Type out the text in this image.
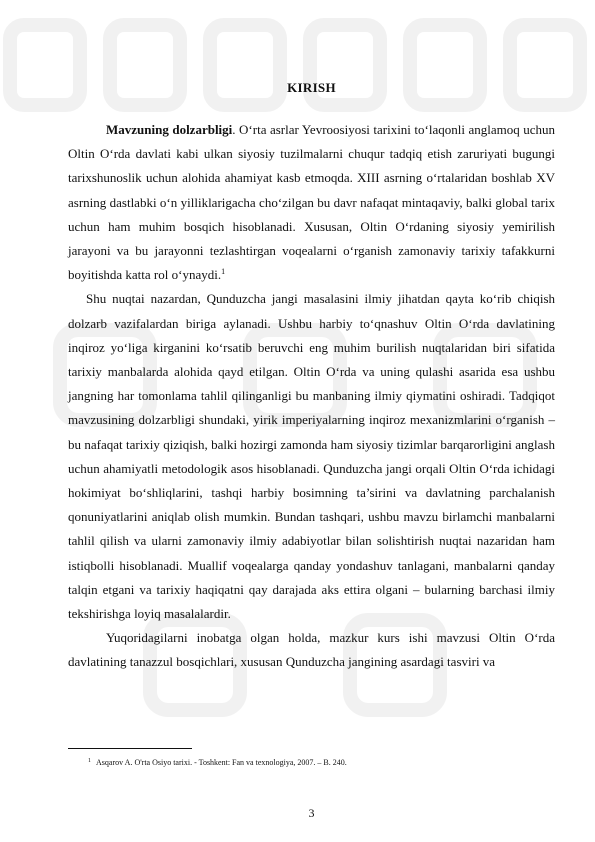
KIRISH

Mavzuning dolzarbligi. O‘rta asrlar Yevroosiyosi tarixini to‘laqonli anglamoq uchun Oltin O‘rda davlati kabi ulkan siyosiy tuzilmalarni chuqur tadqiq etish zaruriyati bugungi tarixshunoslik uchun alohida ahamiyat kasb etmoqda. XIII asrning o‘rtalaridan boshlab XV asrning dastlabki o‘n yilliklarigacha cho‘zilgan bu davr nafaqat mintaqaviy, balki global tarix uchun ham muhim bosqich hisoblanadi. Xususan, Oltin O‘rdaning siyosiy yemirilish jarayoni va bu jarayonni tezlashtirgan voqealarni o‘rganish zamonaviy tarixiy tafakkurni boyitishda katta rol o‘ynaydi.$^1$

Shu nuqtai nazardan, Qunduzcha jangi masalasini ilmiy jihatdan qayta ko‘rib chiqish dolzarb vazifalardan biriga aylanadi. Ushbu harbiy to‘qnashuv Oltin O‘rda davlatining inqiroz yo‘liga kirganini ko‘rsatib beruvchi eng muhim burilish nuqtalaridan biri sifatida tarixiy manbalarda alohida qayd etilgan. Oltin O‘rda va uning qulashi asarida esa ushbu jangning har tomonlama tahlil qilinganligi bu manbaning ilmiy qiymatini oshiradi. Tadqiqot mavzusining dolzarbligi shundaki, yirik imperiyalarning inqiroz mexanizmlarini o‘rganish – bu nafaqat tarixiy qiziqish, balki hozirgi zamonda ham siyosiy tizimlar barqarorligini anglash uchun ahamiyatli metodologik asos hisoblanadi. Qunduzcha jangi orqali Oltin O‘rda ichidagi hokimiyat bo‘shliqlarini, tashqi harbiy bosimning ta’sirini va davlatning parchalanish qonuniyatlarini aniqlab olish mumkin. Bundan tashqari, ushbu mavzu birlamchi manbalarni tahlil qilish va ularni zamonaviy ilmiy adabiyotlar bilan solishtirish nuqtai nazaridan ham istiqbolli hisoblanadi. Muallif voqealarga qanday yondashuv tanlagani, manbalarni qanday talqin etgani va tarixiy haqiqatni qay darajada aks ettira olgani – bularning barchasi ilmiy tekshirishga loyiq masalalardir.

Yuqoridagilarni inobatga olgan holda, mazkur kurs ishi mavzusi Oltin O‘rda davlatining tanazzul bosqichlari, xususan Qunduzcha jangining asardagi tasviri va

$^1$ Asqarov A. O'rta Osiyo tarixi. - Toshkent: Fan va texnologiya, 2007. – B. 240.
3
